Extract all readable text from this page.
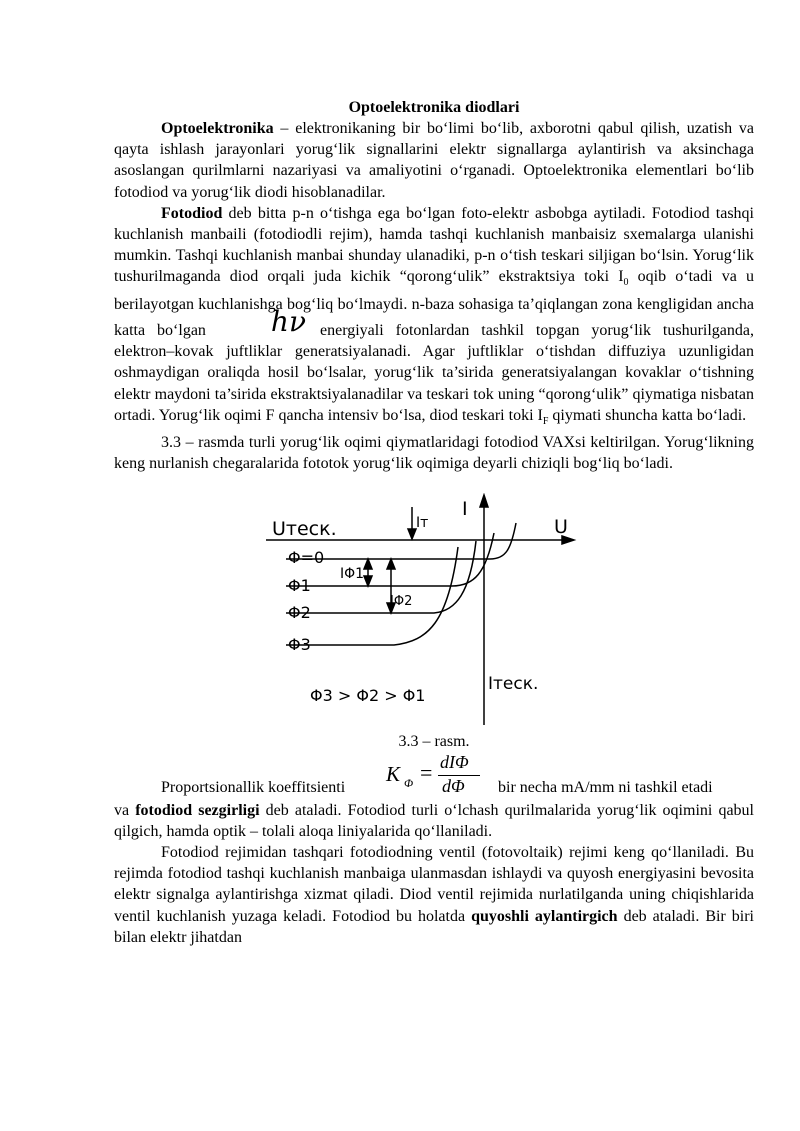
Optoelektronika diodlari

Optoelektronika – elektronikaning bir bo‘limi bo‘lib, axborotni qabul qilish, uzatish va qayta ishlash jarayonlari yorug‘lik signallarini elektr signallarga aylantirish va aksinchaga asoslangan qurilmlarni nazariyasi va amaliyotini o‘rganadi. Optoelektronika elementlari bo‘lib fotodiod va yorug‘lik diodi hisoblanadilar.

Fotodiod deb bitta p-n o‘tishga ega bo‘lgan foto-elektr asbobga aytiladi. Fotodiod tashqi kuchlanish manbaili (fotodiodli rejim), hamda tashqi kuchlanish manbaisiz sxemalarga ulanishi mumkin. Tashqi kuchlanish manbai shunday ulanadiki, p-n o‘tish teskari siljigan bo‘lsin. Yorug‘lik tushurilmaganda diod orqali juda kichik “qorong‘ulik” ekstraktsiya toki $I_0$ oqib o‘tadi va u berilayotgan kuchlanishga bog‘liq bo‘lmaydi. n-baza sohasiga ta’qiqlangan zona kengligidan ancha katta bo‘lgan hν energiyali fotonlardan tashkil topgan yorug‘lik tushurilganda, elektron–kovak juftliklar generatsiyalanadi. Agar juftliklar o‘tishdan diffuziya uzunligidan oshmaydigan oraliqda hosil bo‘lsalar, yorug‘lik ta’sirida generatsiyalangan kovaklar o‘tishning elektr maydoni ta’sirida ekstraktsiyalanadilar va teskari tok uning “qorong‘ulik” qiymatiga nisbatan ortadi. Yorug‘lik oqimi F qancha intensiv bo‘lsa, diod teskari toki $I_F$ qiymati shuncha katta bo‘ladi.

3.3 – rasmda turli yorug‘lik oqimi qiymatlaridagi fotodiod VAXsi keltirilgan. Yorug‘likning keng nurlanish chegaralarida fototok yorug‘lik oqimiga deyarli chiziqli bog‘liq bo‘ladi.

I
U
Uтеск.
Iтеск.
Iт
Φ=0
Φ1
Φ2
Φ3
IΦ1
IΦ2
Φ3 > Φ2 > Φ1
3.3 – rasm.
Proportsionallik koeffitsienti
K Φ = dIΦ
dΦ bir necha mA/mm ni tashkil etadi

va fotodiod sezgirligi deb ataladi. Fotodiod turli o‘lchash qurilmalarida yorug‘lik oqimini qabul qilgich, hamda optik – tolali aloqa liniyalarida qo‘llaniladi.

Fotodiod rejimidan tashqari fotodiodning ventil (fotovoltaik) rejimi keng qo‘llaniladi. Bu rejimda fotodiod tashqi kuchlanish manbaiga ulanmasdan ishlaydi va quyosh energiyasini bevosita elektr signalga aylantirishga xizmat qiladi. Diod ventil rejimida nurlatilganda uning chiqishlarida ventil kuchlanish yuzaga keladi. Fotodiod bu holatda quyoshli aylantirgich deb ataladi. Bir biri bilan elektr jihatdan
